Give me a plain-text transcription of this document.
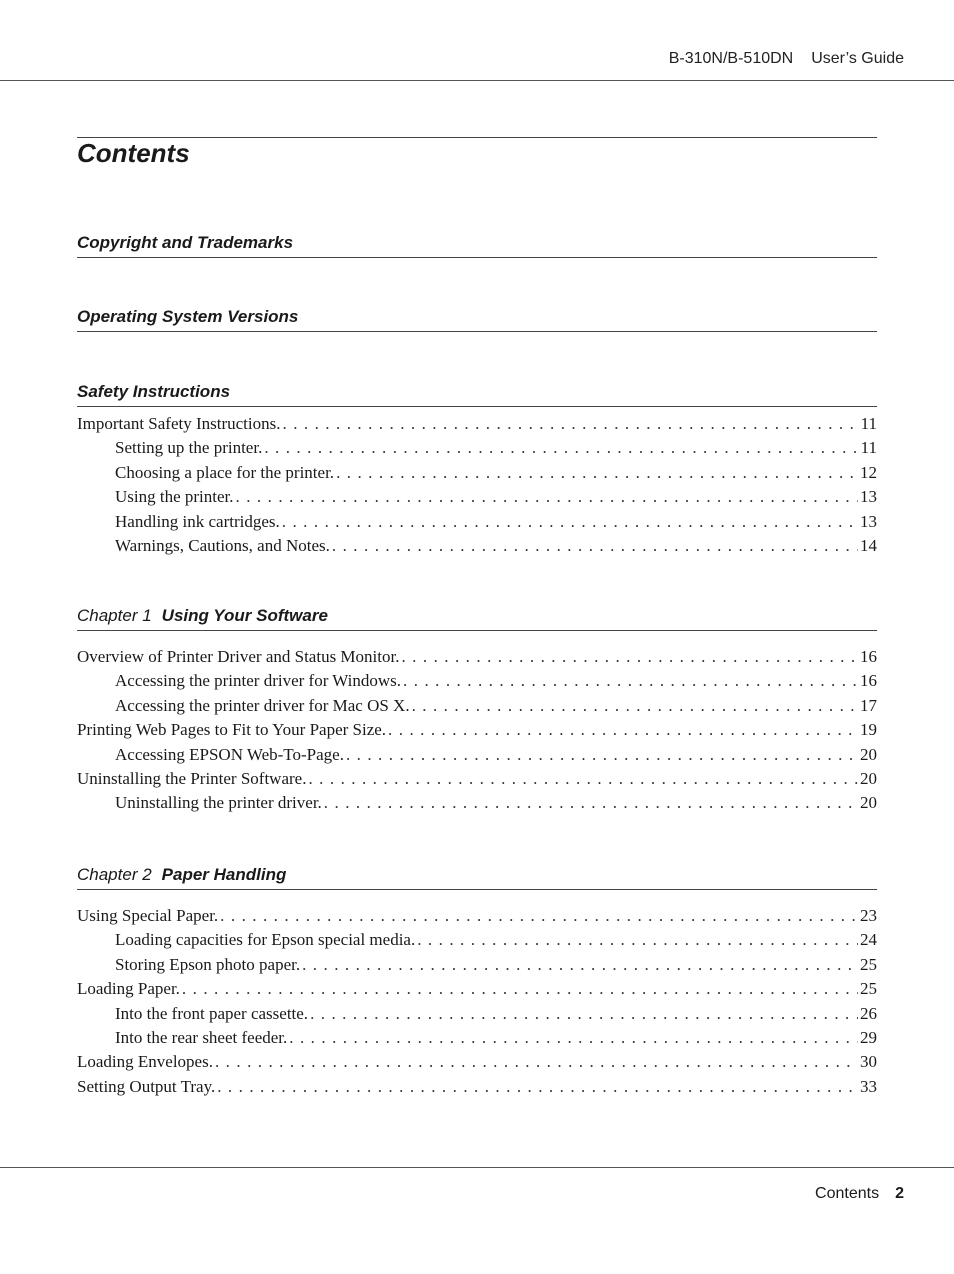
B-310N/B-510DN User’s Guide
Contents
Copyright and Trademarks
Operating System Versions
Safety Instructions
Important Safety Instructions. . . .	11
Setting up the printer. . . .	11
Choosing a place for the printer. . . .	12
Using the printer. . . .	13
Handling ink cartridges. . . .	13
Warnings, Cautions, and Notes. . . .	14
Chapter 1 Using Your Software
Overview of Printer Driver and Status Monitor. . . .	16
Accessing the printer driver for Windows. . . .	16
Accessing the printer driver for Mac OS X. . . .	17
Printing Web Pages to Fit to Your Paper Size. . . .	19
Accessing EPSON Web-To-Page. . . .	20
Uninstalling the Printer Software. . . .	20
Uninstalling the printer driver. . . .	20
Chapter 2 Paper Handling
Using Special Paper. . . .	23
Loading capacities for Epson special media. . . .	24
Storing Epson photo paper. . . .	25
Loading Paper. . . .	25
Into the front paper cassette. . . .	26
Into the rear sheet feeder. . . .	29
Loading Envelopes. . . .	30
Setting Output Tray. . . .	33
Contents 2
